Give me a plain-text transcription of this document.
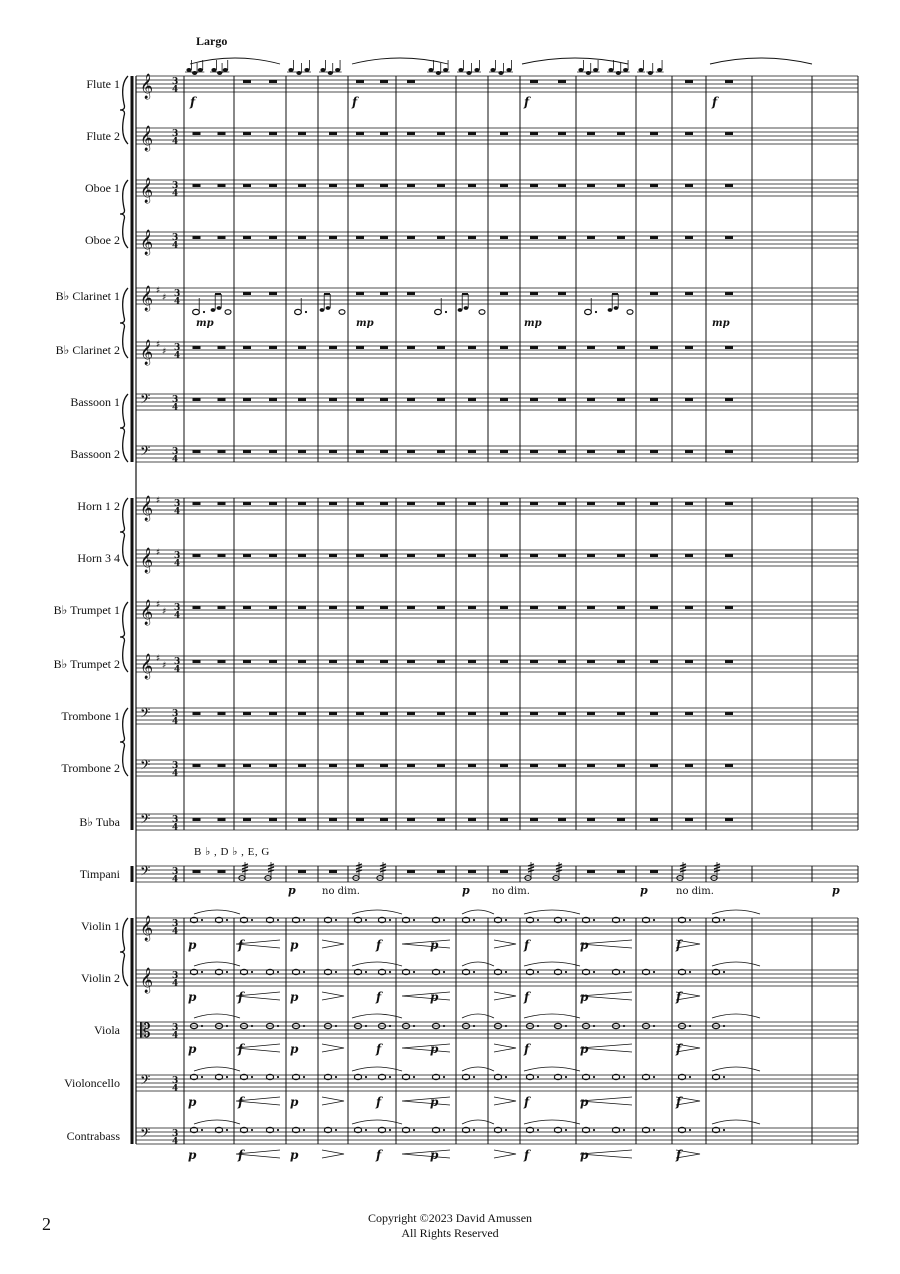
𝄞 3
4
𝄞 3
4
𝄞 3
4
𝄞 3
4
𝄞 ♯
♯ 3
4
𝄞 ♯
♯ 3
4
𝄢 3
4
𝄢 3
4
𝄞 ♯ 3
4
𝄞 ♯ 3
4
𝄞 ♯
♯ 3
4
𝄞 ♯
♯ 3
4
𝄢 3
4
𝄢 3
4
𝄢 3
4
𝄢 3
4
𝄞 3
4
𝄞 3
4
𝄡 3
4
𝄢 3
4
𝄢 3
4
f	f	f	f
mp	mp	mp	mp
p	p	p	p
no dim.	no dim.	no dim.
p	f	p	f	p	f	p	f
p	f	p	f	p	f	p	f
p	f	p	f	p	f	p	f
p	f	p	f	p	f	p	f
p	f	p	f	p	f	p	f
Largo
B ♭ , D ♭ , E, G
Flute 1
Flute 2
Oboe 1
Oboe 2
B♭ Clarinet 1
B♭ Clarinet 2
Bassoon 1
Bassoon 2
Horn 1 2
Horn 3 4
B♭ Trumpet 1
B♭ Trumpet 2
Trombone 1
Trombone 2
B♭ Tuba
Timpani
Violin 1
Violin 2
Viola
Violoncello
Contrabass
2	Copyright ©2023 David Amussen
All Rights Reserved
